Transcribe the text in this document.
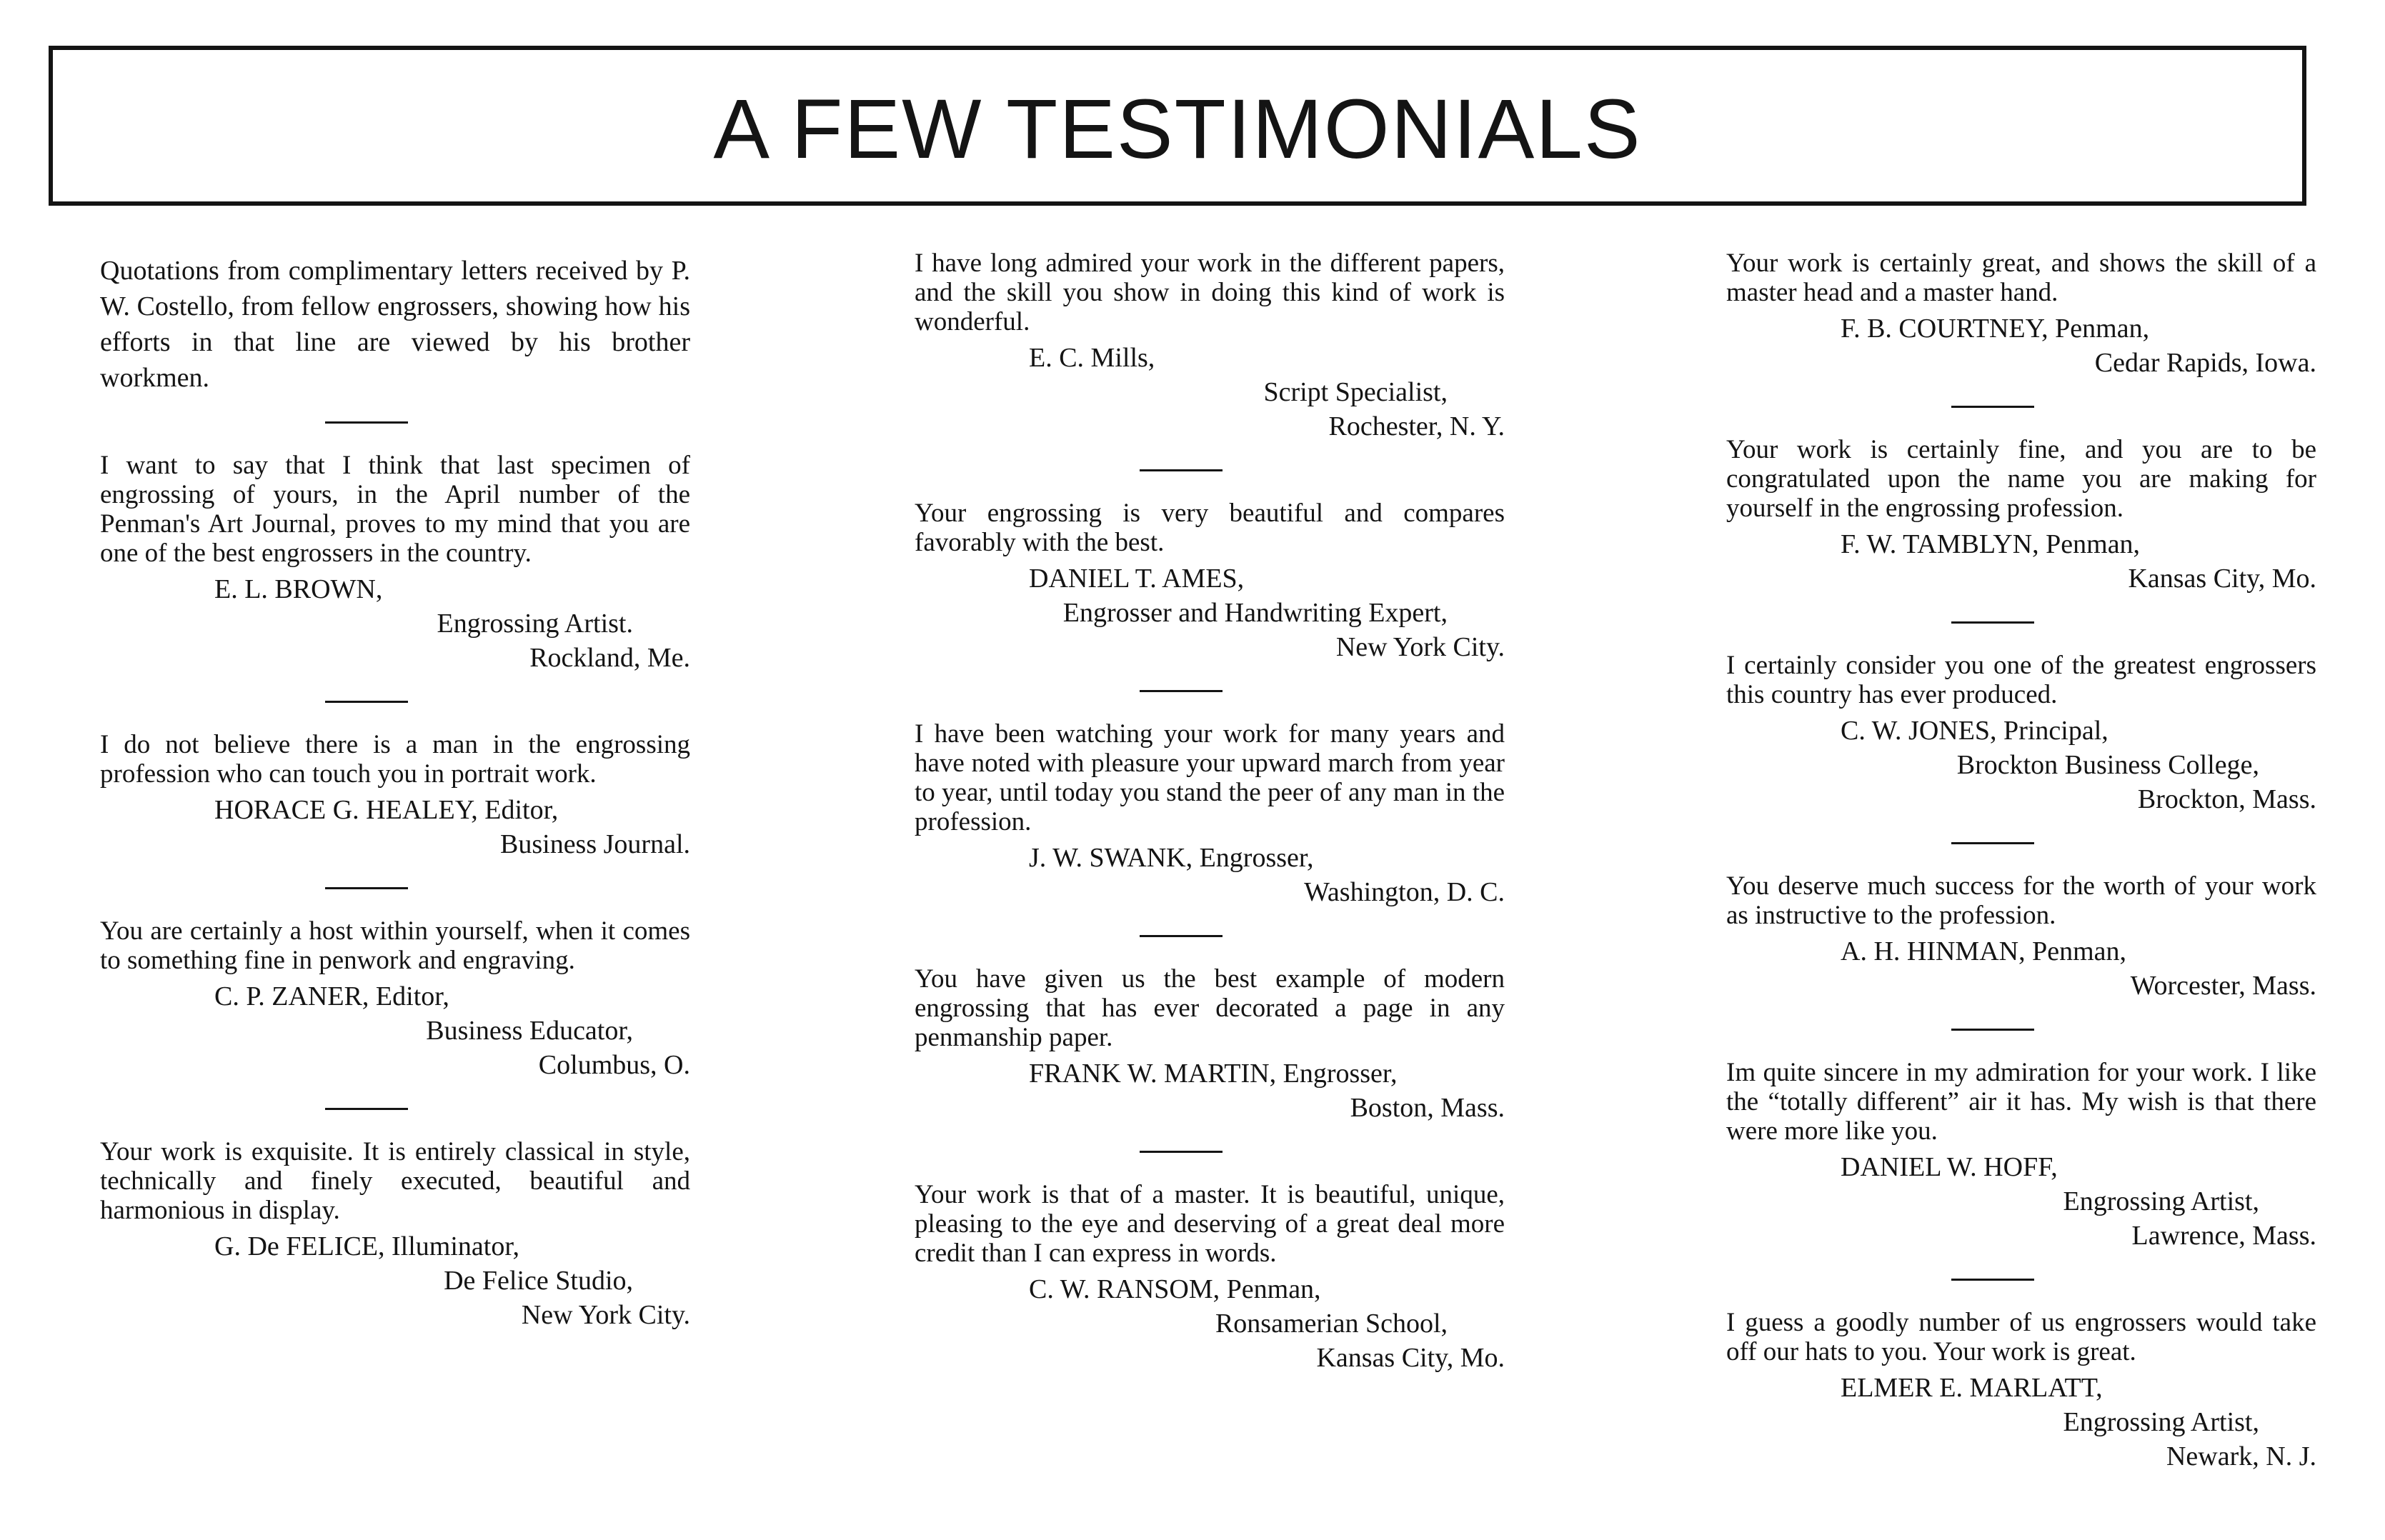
A FEW TESTIMONIALS

Quotations from complimentary letters received by P. W. Costello, from fellow engrossers, showing how his efforts in that line are viewed by his brother workmen.

I want to say that I think that last specimen of engrossing of yours, in the April number of the Penman's Art Journal, proves to my mind that you are one of the best engrossers in the country.

E. L. BROWN,

Engrossing Artist.

Rockland, Me.

I do not believe there is a man in the engrossing profession who can touch you in portrait work.

HORACE G. HEALEY, Editor,

Business Journal.

You are certainly a host within yourself, when it comes to something fine in penwork and engraving.

C. P. ZANER, Editor,

Business Educator,

Columbus, O.

Your work is exquisite. It is entirely classical in style, technically and finely executed, beautiful and harmonious in display.

G. De FELICE, Illuminator,

De Felice Studio,

New York City.

I have long admired your work in the different papers, and the skill you show in doing this kind of work is wonderful.

E. C. Mills,

Script Specialist,

Rochester, N. Y.

Your engrossing is very beautiful and compares favorably with the best.

DANIEL T. AMES,

Engrosser and Handwriting Expert,

New York City.

I have been watching your work for many years and have noted with pleasure your upward march from year to year, until today you stand the peer of any man in the profession.

J. W. SWANK, Engrosser,

Washington, D. C.

You have given us the best example of modern engrossing that has ever decorated a page in any penmanship paper.

FRANK W. MARTIN, Engrosser,

Boston, Mass.

Your work is that of a master. It is beautiful, unique, pleasing to the eye and deserving of a great deal more credit than I can express in words.

C. W. RANSOM, Penman,

Ronsamerian School,

Kansas City, Mo.

Your work is certainly great, and shows the skill of a master head and a master hand.

F. B. COURTNEY, Penman,

Cedar Rapids, Iowa.

Your work is certainly fine, and you are to be congratulated upon the name you are making for yourself in the engrossing profession.

F. W. TAMBLYN, Penman,

Kansas City, Mo.

I certainly consider you one of the greatest engrossers this country has ever produced.

C. W. JONES, Principal,

Brockton Business College,

Brockton, Mass.

You deserve much success for the worth of your work as instructive to the profession.

A. H. HINMAN, Penman,

Worcester, Mass.

Im quite sincere in my admiration for your work. I like the “totally different” air it has. My wish is that there were more like you.

DANIEL W. HOFF,

Engrossing Artist,

Lawrence, Mass.

I guess a goodly number of us engrossers would take off our hats to you. Your work is great.

ELMER E. MARLATT,

Engrossing Artist,

Newark, N. J.
